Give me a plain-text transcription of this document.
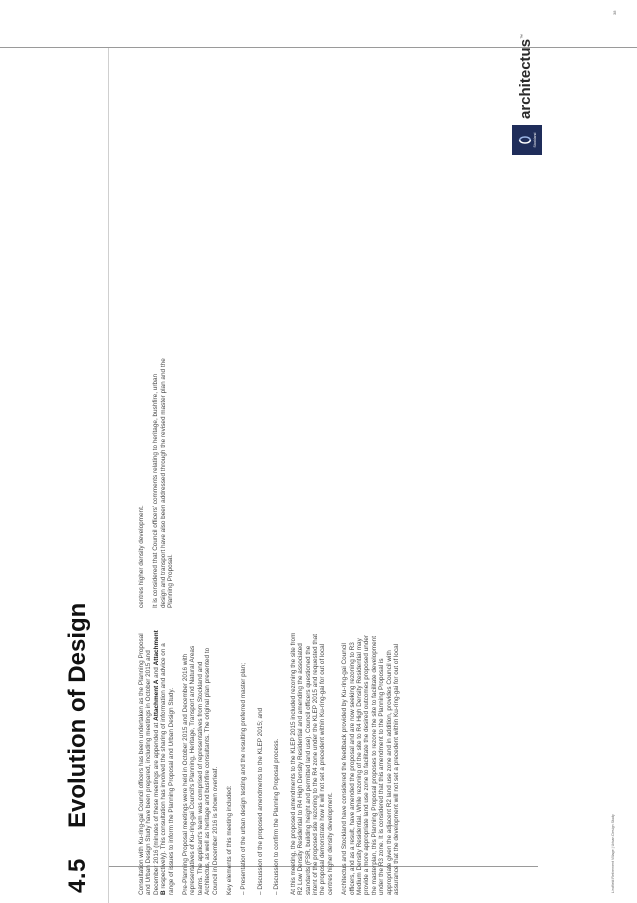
4.5
Evolution of Design	Consultation with Ku-ring-gai Council officers has been undertaken as the Planning Proposal and Urban Design Study have been prepared, including meetings in October 2015 and December 2016 (minutes of these meetings are appended at Attachment A and Attachment B respectively). This consultation has involved the sharing of information and advice on a range of issues to inform the Planning Proposal and Urban Design Study. Pre-Planning Proposal meetings were held in October 2015 and December 2016 with representatives of Ku-ring-gai Council's Planning, Heritage, Transport and Natural Areas teams. The applicant's team was comprised of representatives from Stockland and Architectus, as well as heritage and bushfire consultants. The original plan presented to Council in December 2016 is shown overleaf. Key elements of this meeting included: – Presentation of the urban design testing and the resulting preferred master plan; – Discussion of the proposed amendments to the KLEP 2015; and – Discussion to confirm the Planning Proposal process. At this meeting, the proposed amendments to the KLEP 2015 included rezoning the site from R2 Low Density Residential to R4 High Density Residential and amending the associated standards (FSR, building height and permitted land use). Council officers questioned the intent of the proposed site rezoning to the R4 zone under the KLEP 2015 and requested that the proposal demonstrate how it will not set a precedent within Ku-ring-gai for out of local centres higher density development. Architectus and Stockland have considered the feedback provided by Ku-ring-gai Council officers, and as a result, have amended the proposal and are now seeking rezoning to R3 Medium Density Residential. While rezoning of the site to R4 High Density Residential may provide a more appropriate land use zone to facilitate the desired outcomes proposed under the masterplan, this Planning Proposal proposes to rezone the site to facilitate development under the R3 zone. It is considered that this amendment to the Planning Proposal is appropriate given the adjacent R2 land use zone and in addition, provides Council with assurance that the development will not set a precedent within Ku-ring-gai for out of local

centres higher density development. It is considered that Council officers' comments relating to heritage, bushfire, urban design and transport have also been addressed through the revised master plan and the Planning Proposal.

Lindfield Retirement Village | Urban Design Study
38
Stockland
architectus™
